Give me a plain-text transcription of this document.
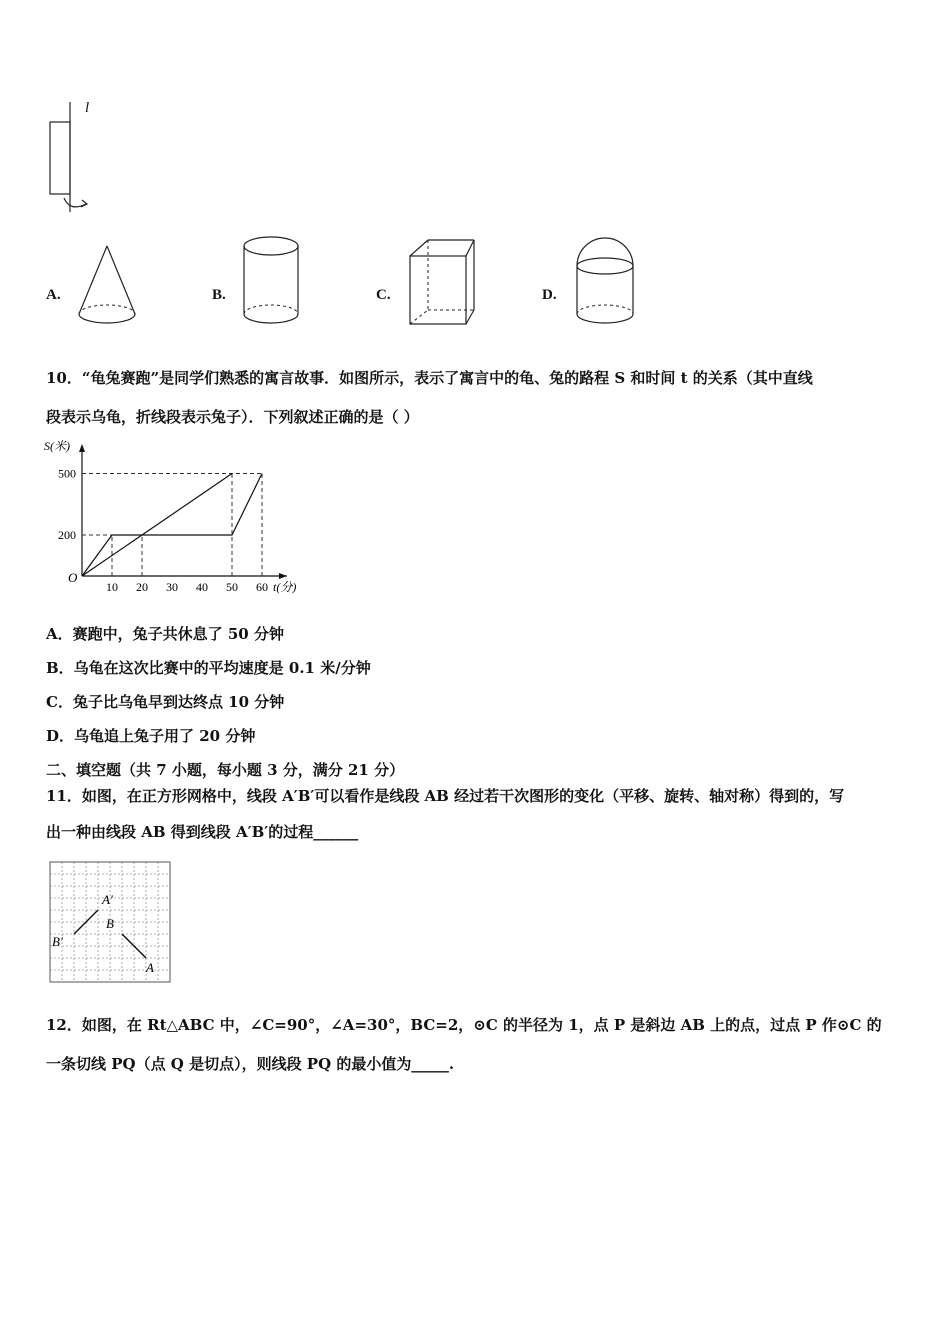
l
A.	B.	C.	D.
10．“龟兔赛跑”是同学们熟悉的寓言故事．如图所示，表示了寓言中的龟、兔的路程 S 和时间 t 的关系（其中直线
段表示乌龟，折线段表示兔子）．下列叙述正确的是（ ）
10 20 30 40 50 60
200
500
O
S(米)
t(分)
A．赛跑中，兔子共休息了 50 分钟
B．乌龟在这次比赛中的平均速度是 0.1 米/分钟
C．兔子比乌龟早到达终点 10 分钟
D．乌龟追上兔子用了 20 分钟
二、填空题（共 7 小题，每小题 3 分，满分 21 分）
11．如图，在正方形网格中，线段 A′B′可以看作是线段 AB 经过若干次图形的变化（平移、旋转、轴对称）得到的，写
出一种由线段 AB 得到线段 A′B′的过程______
A′
B′
B
A
12．如图，在 Rt△ABC 中，∠C=90°，∠A=30°，BC=2，⊙C 的半径为 1，点 P 是斜边 AB 上的点，过点 P 作⊙C 的
一条切线 PQ（点 Q 是切点），则线段 PQ 的最小值为_____.
